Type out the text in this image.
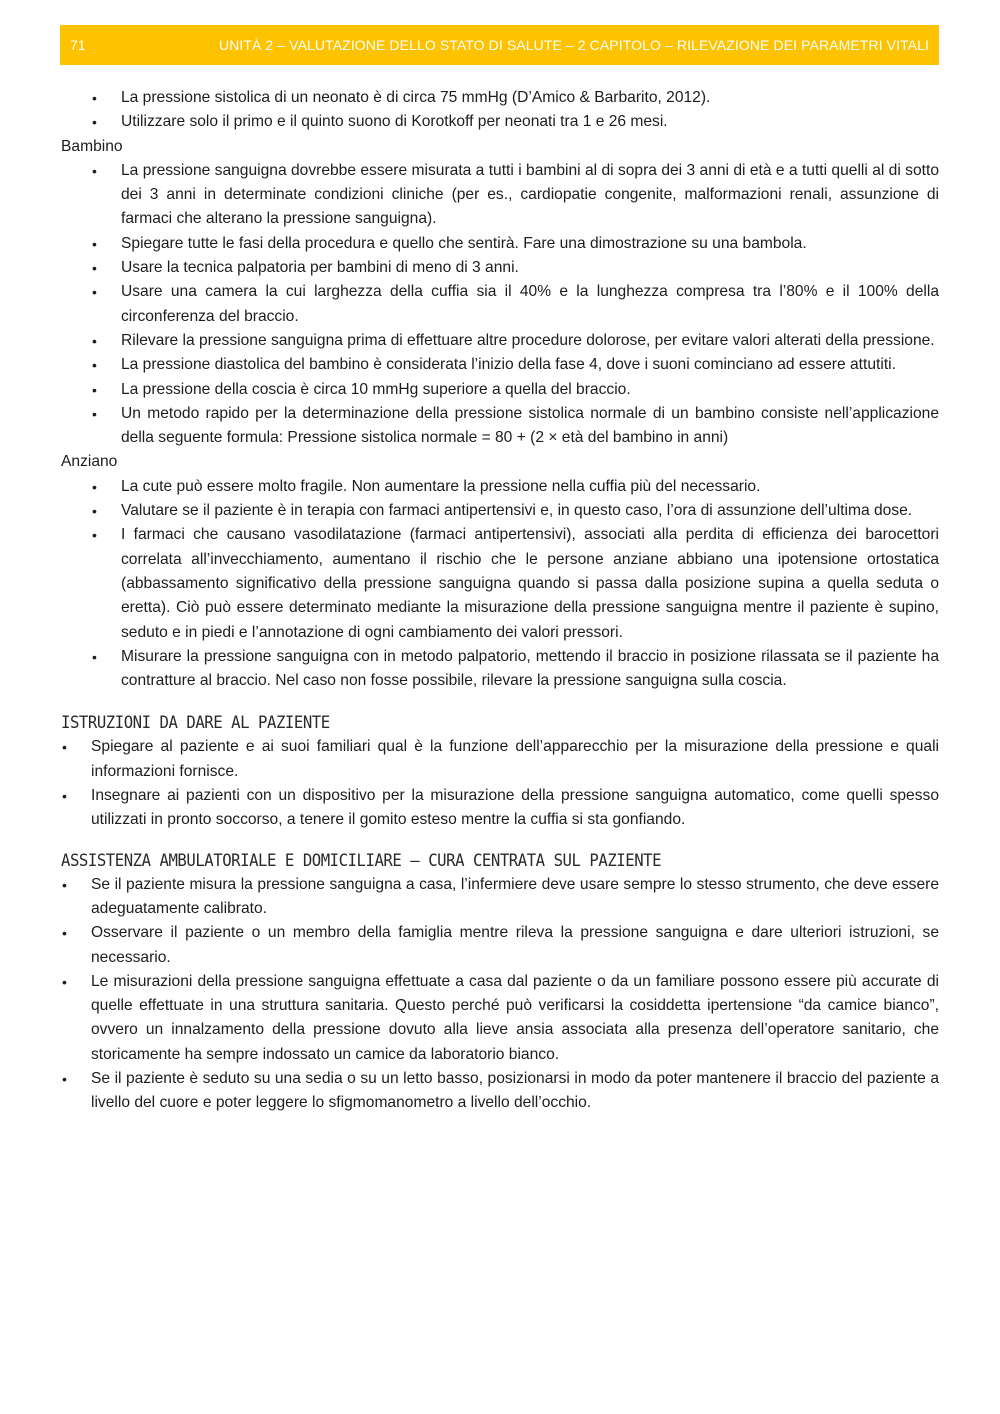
71	UNITÀ 2 – VALUTAZIONE DELLO STATO DI SALUTE – 2 CAPITOLO – RILEVAZIONE DEI PARAMETRI VITALI
• La pressione sistolica di un neonato è di circa 75 mmHg (D’Amico & Barbarito, 2012).
• Utilizzare solo il primo e il quinto suono di Korotkoff per neonati tra 1 e 26 mesi.

Bambino

• La pressione sanguigna dovrebbe essere misurata a tutti i bambini al di sopra dei 3 anni di età e a tutti quelli al di sotto dei 3 anni in determinate condizioni cliniche (per es., cardiopatie congenite, malformazioni renali, assunzione di farmaci che alterano la pressione sanguigna).
• Spiegare tutte le fasi della procedura e quello che sentirà. Fare una dimostrazione su una bambola.
• Usare la tecnica palpatoria per bambini di meno di 3 anni.
• Usare una camera la cui larghezza della cuffia sia il 40% e la lunghezza compresa tra l’80% e il 100% della circonferenza del braccio.
• Rilevare la pressione sanguigna prima di effettuare altre procedure dolorose, per evitare valori alterati della pressione.
• La pressione diastolica del bambino è considerata l’inizio della fase 4, dove i suoni cominciano ad essere attutiti.
• La pressione della coscia è circa 10 mmHg superiore a quella del braccio.
• Un metodo rapido per la determinazione della pressione sistolica normale di un bambino consiste nell’applicazione della seguente formula: Pressione sistolica normale = 80 + (2 × età del bambino in anni)

Anziano

• La cute può essere molto fragile. Non aumentare la pressione nella cuffia più del necessario.
• Valutare se il paziente è in terapia con farmaci antipertensivi e, in questo caso, l’ora di assunzione dell’ultima dose.
• I farmaci che causano vasodilatazione (farmaci antipertensivi), associati alla perdita di efficienza dei barocettori correlata all’invecchiamento, aumentano il rischio che le persone anziane abbiano una ipotensione ortostatica (abbassamento significativo della pressione sanguigna quando si passa dalla posizione supina a quella seduta o eretta). Ciò può essere determinato mediante la misurazione della pressione sanguigna mentre il paziente è supino, seduto e in piedi e l’annotazione di ogni cambiamento dei valori pressori.
• Misurare la pressione sanguigna con in metodo palpatorio, mettendo il braccio in posizione rilassata se il paziente ha contratture al braccio. Nel caso non fosse possibile, rilevare la pressione sanguigna sulla coscia.
ISTRUZIONI DA DARE AL PAZIENTE
• Spiegare al paziente e ai suoi familiari qual è la funzione dell’apparecchio per la misurazione della pressione e quali informazioni fornisce.
• Insegnare ai pazienti con un dispositivo per la misurazione della pressione sanguigna automatico, come quelli spesso utilizzati in pronto soccorso, a tenere il gomito esteso mentre la cuffia si sta gonfiando.
ASSISTENZA AMBULATORIALE E DOMICILIARE – CURA CENTRATA SUL PAZIENTE
• Se il paziente misura la pressione sanguigna a casa, l’infermiere deve usare sempre lo stesso strumento, che deve essere adeguatamente calibrato.
• Osservare il paziente o un membro della famiglia mentre rileva la pressione sanguigna e dare ulteriori istruzioni, se necessario.
• Le misurazioni della pressione sanguigna effettuate a casa dal paziente o da un familiare possono essere più accurate di quelle effettuate in una struttura sanitaria. Questo perché può verificarsi la cosiddetta ipertensione “da camice bianco”, ovvero un innalzamento della pressione dovuto alla lieve ansia associata alla presenza dell’operatore sanitario, che storicamente ha sempre indossato un camice da laboratorio bianco.
• Se il paziente è seduto su una sedia o su un letto basso, posizionarsi in modo da poter mantenere il braccio del paziente a livello del cuore e poter leggere lo sfigmomanometro a livello dell’occhio.
